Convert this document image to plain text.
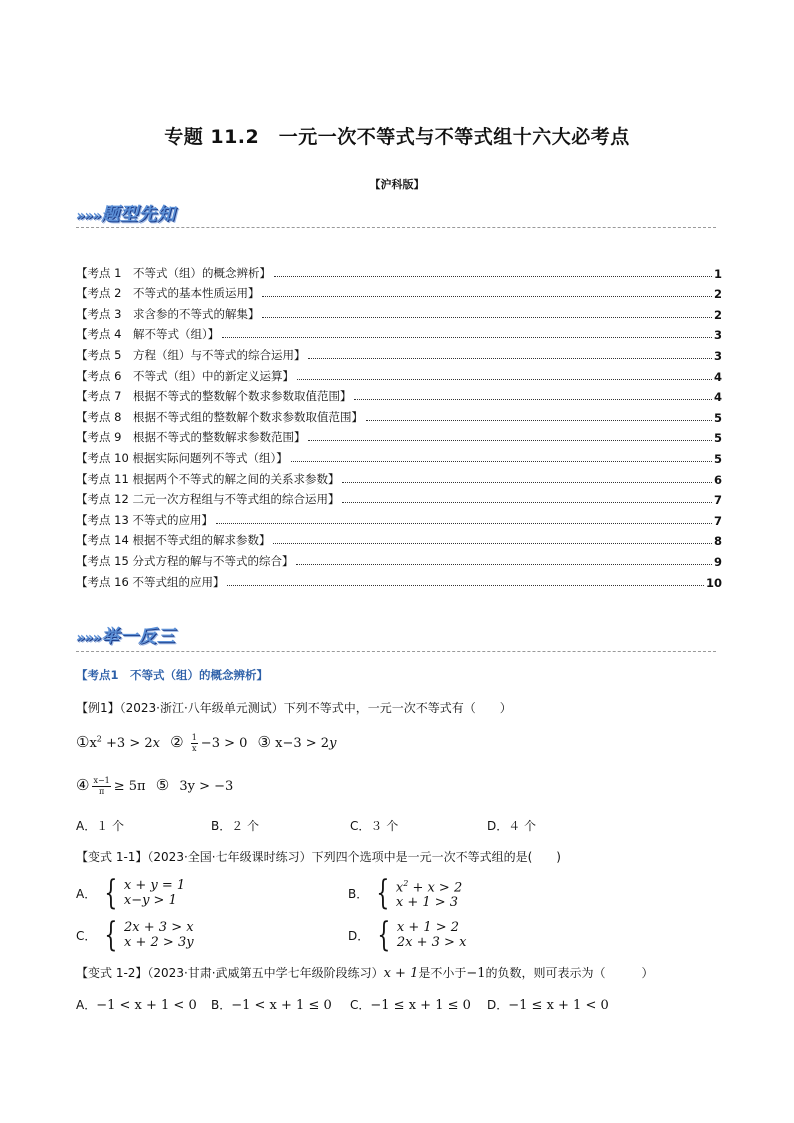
专题 11.2　一元一次不等式与不等式组十六大必考点
【沪科版】
»»»题型先知
【考点 1　不等式（组）的概念辨析】	1
【考点 2　不等式的基本性质运用】	2
【考点 3　求含参的不等式的解集】	2
【考点 4　解不等式（组）】	3
【考点 5　方程（组）与不等式的综合运用】	3
【考点 6　不等式（组）中的新定义运算】	4
【考点 7　根据不等式的整数解个数求参数取值范围】	4
【考点 8　根据不等式组的整数解个数求参数取值范围】	5
【考点 9　根据不等式的整数解求参数范围】	5
【考点 10 根据实际问题列不等式（组）】	5
【考点 11 根据两个不等式的解之间的关系求参数】	6
【考点 12 二元一次方程组与不等式组的综合运用】	7
【考点 13 不等式的应用】	7
【考点 14 根据不等式组的解求参数】	8
【考点 15 分式方程的解与不等式的综合】	9
【考点 16 不等式组的应用】	10
»»»举一反三
【考点1　不等式（组）的概念辨析】
【例1】（2023·浙江·八年级单元测试）下列不等式中，一元一次不等式有（　　）
$①x^2 +3 > 2x$ ② $\frac{1}{x} -3 > 0$ ③ x−3 > 2y
④ $\frac{x-1}{\pi} \ge 5\pi$ ⑤ 3y > −3
A．１ 个	B．２ 个	C．３ 个	D．４ 个
【变式 1-1】（2023·全国·七年级课时练习）下列四个选项中是一元一次不等式组的是(　　)
A． { x + y = 1
x−y > 1	B． { $x^2 + x > 2$
x + 1 > 3
C． { 2x + 3 > x
x + 2 > 3y	D． { x + 1 > 2
2x + 3 > x
【变式 1-2】（2023·甘肃·武威第五中学七年级阶段练习）x + 1是不小于−1的负数，则可表示为（　　　）
A．−1 < x + 1 < 0 B．−1 < x + 1 ≤ 0 C．−1 ≤ x + 1 ≤ 0 D．−1 ≤ x + 1 < 0
